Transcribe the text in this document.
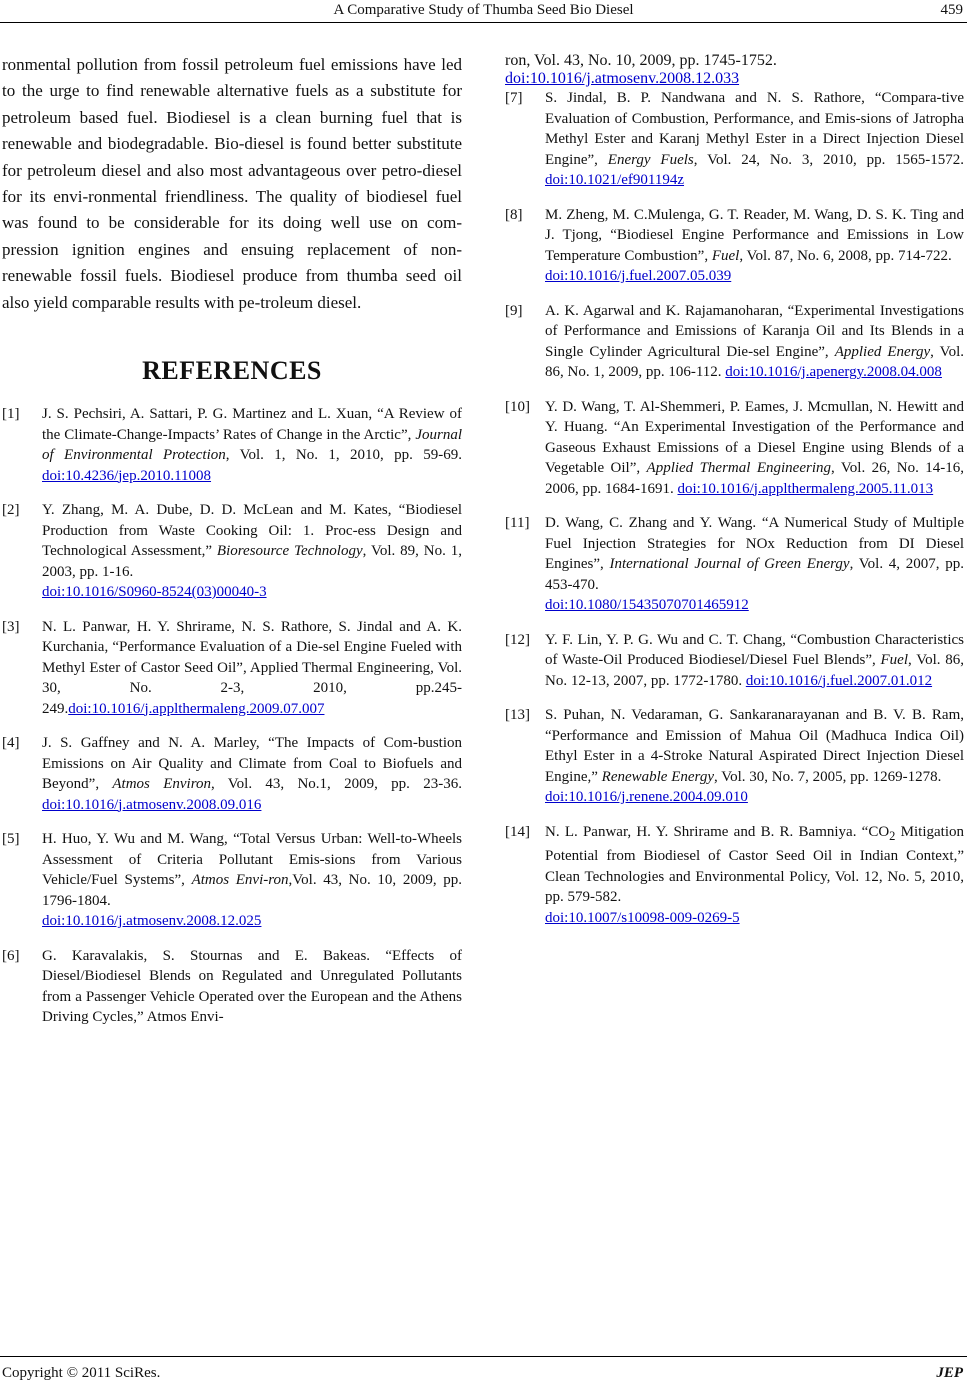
A Comparative Study of Thumba Seed Bio Diesel	459

ronmental pollution from fossil petroleum fuel emissions have led to the urge to find renewable alternative fuels as a substitute for petroleum based fuel. Biodiesel is a clean burning fuel that is renewable and biodegradable. Bio-diesel is found better substitute for petroleum diesel and also most advantageous over petro-diesel for its envi-ronmental friendliness. The quality of biodiesel fuel was found to be considerable for its doing well use on com-pression ignition engines and ensuing replacement of non-renewable fossil fuels. Biodiesel produce from thumba seed oil also yield comparable results with pe-troleum diesel.

REFERENCES
[1] J. S. Pechsiri, A. Sattari, P. G. Martinez and L. Xuan, “A Review of the Climate-Change-Impacts’ Rates of Change in the Arctic”, Journal of Environmental Protection, Vol. 1, No. 1, 2010, pp. 59-69. doi:10.4236/jep.2010.11008
[2] Y. Zhang, M. A. Dube, D. D. McLean and M. Kates, “Biodiesel Production from Waste Cooking Oil: 1. Proc-ess Design and Technological Assessment,” Bioresource Technology, Vol. 89, No. 1, 2003, pp. 1-16.
doi:10.1016/S0960-8524(03)00040-3
[3] N. L. Panwar, H. Y. Shrirame, N. S. Rathore, S. Jindal and A. K. Kurchania, “Performance Evaluation of a Die-sel Engine Fueled with Methyl Ester of Castor Seed Oil”, Applied Thermal Engineering, Vol. 30, No. 2-3, 2010, pp.245-249.doi:10.1016/j.applthermaleng.2009.07.007
[4] J. S. Gaffney and N. A. Marley, “The Impacts of Com-bustion Emissions on Air Quality and Climate from Coal to Biofuels and Beyond”, Atmos Environ, Vol. 43, No.1, 2009, pp. 23-36. doi:10.1016/j.atmosenv.2008.09.016
[5] H. Huo, Y. Wu and M. Wang, “Total Versus Urban: Well-to-Wheels Assessment of Criteria Pollutant Emis-sions from Various Vehicle/Fuel Systems”, Atmos Envi-ron,Vol. 43, No. 10, 2009, pp. 1796-1804.
doi:10.1016/j.atmosenv.2008.12.025
[6] G. Karavalakis, S. Stournas and E. Bakeas. “Effects of Diesel/Biodiesel Blends on Regulated and Unregulated Pollutants from a Passenger Vehicle Operated over the European and the Athens Driving Cycles,” Atmos Envi-
ron, Vol. 43, No. 10, 2009, pp. 1745-1752.
doi:10.1016/j.atmosenv.2008.12.033
[7] S. Jindal, B. P. Nandwana and N. S. Rathore, “Compara-tive Evaluation of Combustion, Performance, and Emis-sions of Jatropha Methyl Ester and Karanj Methyl Ester in a Direct Injection Diesel Engine”, Energy Fuels, Vol. 24, No. 3, 2010, pp. 1565-1572. doi:10.1021/ef901194z
[8] M. Zheng, M. C.Mulenga, G. T. Reader, M. Wang, D. S. K. Ting and J. Tjong, “Biodiesel Engine Performance and Emissions in Low Temperature Combustion”, Fuel, Vol. 87, No. 6, 2008, pp. 714-722.
doi:10.1016/j.fuel.2007.05.039
[9] A. K. Agarwal and K. Rajamanoharan, “Experimental Investigations of Performance and Emissions of Karanja Oil and Its Blends in a Single Cylinder Agricultural Die-sel Engine”, Applied Energy, Vol. 86, No. 1, 2009, pp. 106-112. doi:10.1016/j.apenergy.2008.04.008
[10] Y. D. Wang, T. Al-Shemmeri, P. Eames, J. Mcmullan, N. Hewitt and Y. Huang. “An Experimental Investigation of the Performance and Gaseous Exhaust Emissions of a Diesel Engine using Blends of a Vegetable Oil”, Applied Thermal Engineering, Vol. 26, No. 14-16, 2006, pp. 1684-1691. doi:10.1016/j.applthermaleng.2005.11.013
[11] D. Wang, C. Zhang and Y. Wang. “A Numerical Study of Multiple Fuel Injection Strategies for NOx Reduction from DI Diesel Engines”, International Journal of Green Energy, Vol. 4, 2007, pp. 453-470.
doi:10.1080/15435070701465912
[12] Y. F. Lin, Y. P. G. Wu and C. T. Chang, “Combustion Characteristics of Waste-Oil Produced Biodiesel/Diesel Fuel Blends”, Fuel, Vol. 86, No. 12-13, 2007, pp. 1772-1780. doi:10.1016/j.fuel.2007.01.012
[13] S. Puhan, N. Vedaraman, G. Sankaranarayanan and B. V. B. Ram, “Performance and Emission of Mahua Oil (Madhuca Indica Oil) Ethyl Ester in a 4-Stroke Natural Aspirated Direct Injection Diesel Engine,” Renewable Energy, Vol. 30, No. 7, 2005, pp. 1269-1278.
doi:10.1016/j.renene.2004.09.010
[14] N. L. Panwar, H. Y. Shrirame and B. R. Bamniya. “$CO_2$ Mitigation Potential from Biodiesel of Castor Seed Oil in Indian Context,” Clean Technologies and Environmental Policy, Vol. 12, No. 5, 2010, pp. 579-582.
doi:10.1007/s10098-009-0269-5
Copyright © 2011 SciRes.	JEP
